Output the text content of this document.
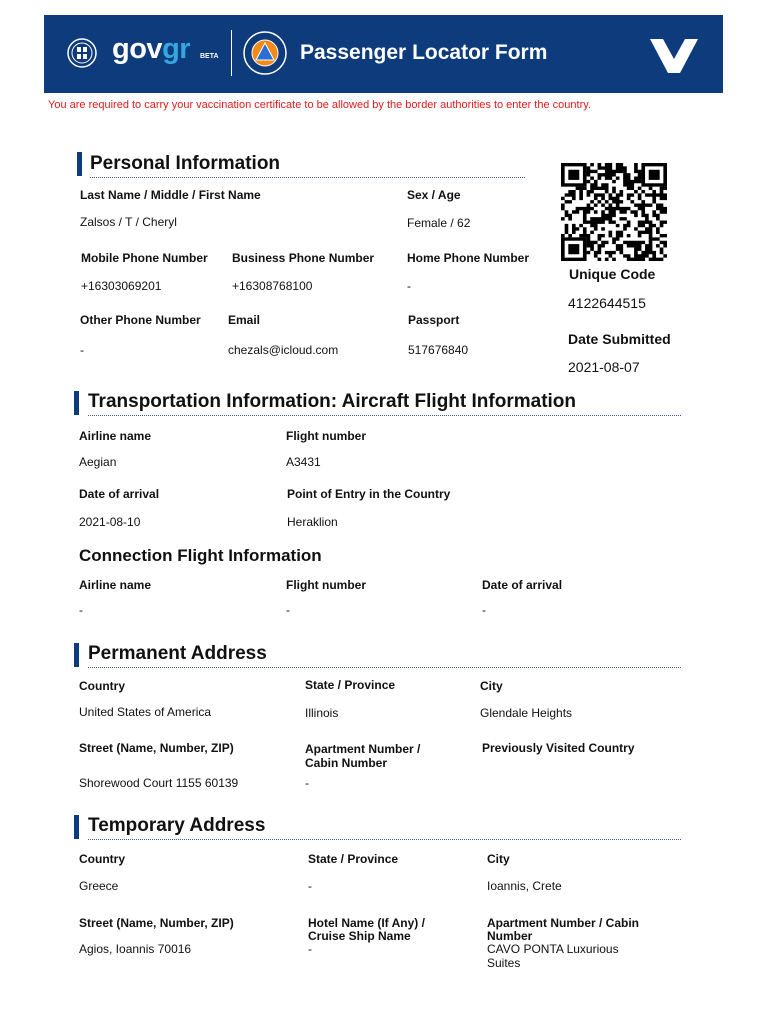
govgr BETA	Passenger Locator Form
You are required to carry your vaccination certificate to be allowed by the border authorities to enter the country.
Personal Information
Last Name / Middle / First Name
Zalsos / T / Cheryl
Sex / Age
Female / 62
Mobile Phone Number
+16303069201
Business Phone Number
+16308768100
Home Phone Number
-
Other Phone Number
-
Email
chezals@icloud.com
Passport
517676840
Unique Code
4122644515
Date Submitted
2021-08-07
Transportation Information: Aircraft Flight Information
Airline name
Aegian
Flight number
A3431
Date of arrival
2021-08-10
Point of Entry in the Country
Heraklion
Connection Flight Information
Airline name
-
Flight number
-
Date of arrival
-
Permanent Address
Country
United States of America
State / Province
Illinois
City
Glendale Heights
Street (Name, Number, ZIP)
Shorewood Court 1155 60139
Apartment Number /
Cabin Number
-
Previously Visited Country
Temporary Address
Country
Greece
State / Province
-
City
Ioannis, Crete
Street (Name, Number, ZIP)
Agios, Ioannis 70016
Hotel Name (If Any) /
Cruise Ship Name
-
Apartment Number / Cabin
Number
CAVO PONTA Luxurious
Suites
